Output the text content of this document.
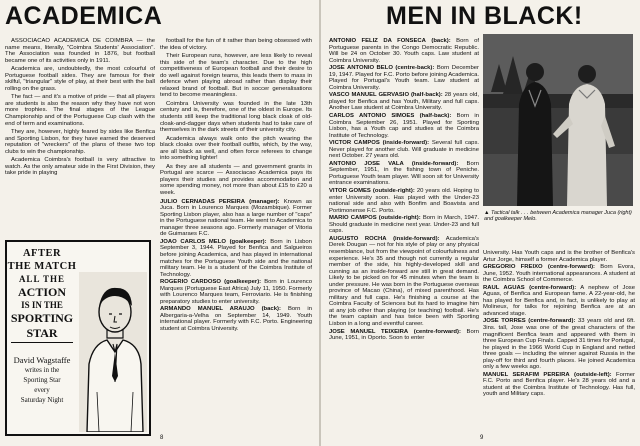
ACADEMICA	MEN IN BLACK!

ASSOCIACAO ACADEMICA DE COIMBRA — the name means, literally, "Coimbra Students' Association". The Association was founded in 1876, but football became one of its activities only in 1911.

Academica are, undoubtedly, the most colourful of Portuguese football sides. They are famous for their skilful, "triangular" style of play, at their best with the ball rolling on the grass.

The fact — and it's a motive of pride — that all players are students is also the reason why they have not won more trophies. The final stages of the League Championship and of the Portuguese Cup clash with the end of term and examinations.

They are, however, highly feared by sides like Benfica and Sporting Lisbon, for they have earned the deserved reputation of "wreckers" of the plans of these two top clubs to win the championship.

Academica Coimbra's football is very attractive to watch. As the only amateur side in the First Division, they take pride in playing

AFTER
THE MATCH
ALL THE
ACTION
IS IN THE
SPORTING
STAR
David Wagstaffe
writes in the
Sporting Star
every
Saturday Night

football for the fun of it rather than being obsessed with the idea of victory.

Their European runs, however, are less likely to reveal this side of the team's character. Due to the high competitiveness of European football and their desire to do well against foreign teams, this leads them to mass in defence when playing abroad rather than display their relaxed brand of football. But in soccer generalisations tend to become meaningless.

Coimbra University was founded in the late 13th century and is, therefore, one of the oldest in Europe. Its students still keep the traditional long black cloak of old-cloak-and-dagger days when students had to take care of themselves in the dark streets of their university city.

Academica always walk onto the pitch wearing the black cloaks over their football outfits, which, by the way, are all black as well, and often force referees to change into something lighter!

As they are all students — and government grants in Portugal are scarce — Associacao Academica pays its players their studies and provides accommodation and some spending money, not more than about £15 to £20 a week.

JULIO CERNADAS PEREIRA (manager): Known as Juca. Born in Lourenco Marques (Mozambique). Former Sporting Lisbon player, also has a large number of "caps" in the Portuguese national team. He went to Academica to manager three seasons ago. Formerly manager of Vitoria de Guimaraes F.C.
JOAO CARLOS MELO (goalkeeper): Born in Lisbon September 3, 1944. Played for Benfica and Salgueiros before joining Academica, and has played in international matches for the Portuguese Youth side and the national military team. He is a student of the Coimbra Institute of Technology.
ROGERIO CARDOSO (goalkeeper): Born in Lourenco Marques (Portuguese East Africa) July 11, 1950. Formerly with Lourenco Marques team, Ferroviario. He is finishing preparatory studies to enter university.
ARMANDO MANUEL ARAUJO (back): Born in Albergaria-a-Velha on September 14, 1949. Youth international player. Formerly with F.C. Porto. Engineering student at Coimbra University.
ANTONIO FELIZ DA FONSECA (back): Born of Portuguese parents in the Congo Democratic Republic. Will be 24 on October 30. Youth caps. Law student at Coimbra University.
JOSE ANTONIO BELO (centre-back): Born December 19, 1947. Played for F.C. Porto before joining Academica. Played for Portugal's Youth team. Law student at Coimbra University.
VASCO MANUEL GERVASIO (half-back): 28 years old, played for Benfica and has Youth, Military and full caps. Another Law student at Coimbra University.
CARLOS ANTONIO SIMOES (half-back): Born in Coimbra September 26, 1951. Played for Sporting Lisbon, has a Youth cap and studies at the Coimbra Institute of Technology.
VICTOR CAMPOS (inside-forward): Several full caps. Never played for another club. Will graduate in medicine next October. 27 years old.
ANTONIO JOSE VALA (inside-forward): Born September, 1951, in the fishing town of Peniche. Portuguese Youth team player. Will soon sit for University entrance examinations.
VITOR GOMES (outside-right): 20 years old. Hoping to enter University soon. Has played with the Under-23 national side and also with Bonfim and Boavista and Portimonense F.C. Porto.
MARIO CAMPOS (outside-right): Born in March, 1947. Should graduate in medicine next year. Under-23 and full caps.
AUGUSTO ROCHA (inside-forward): Academica's Derek Dougan — not for his style of play or any physical resemblance, but from the viewpoint of colourfulness and experience. He's 35 and though not currently a regular member of the side, his highly-developed skill and cunning as an inside-forward are still in great demand. Likely to be picked on for 45 minutes when the team is under pressure. He was born in the Portuguese overseas province of Macao (China), of mixed parenthood. Has military and full caps. He's finishing a course at the Coimbra Faculty of Sciences but its hard to imagine him at any job other than playing (or teaching) football. He's the team captain and has twice been with Sporting Lisbon in a long and eventful career.
JOSE MANUEL TEIXEIRA (centre-forward): Born June, 1951, in Oporto. Soon to enter
▲ Tactical talk . . . between Academica manager Juca (right) and goalkeeper Melo.
University. Has Youth caps and is the brother of Benfica's Artur Jorge, himself a former Academica player.
GREGORIO FREIXO (centre-forward): Born Evora, June, 1952. Youth international appearances. A student at the Coimbra School of Commerce.
RAUL AGUAS (centre-forward): A nephew of Jose Aguas, of Benfica and European fame. A 22-year-old, he has played for Benfica and, in fact, is unlikely to play at Molineux, for talks for rejoining Benfica are at an advanced stage.
JOSE TORRES (centre-forward): 33 years old and 6ft. 3ins. tall, Jose was one of the great characters of the magnificent Benfica team and appeared with them in three European Cup Finals. Capped 31 times for Portugal, he played in the 1966 World Cup in England and netted three goals — including the winner against Russia in the play-off for third and fourth places. He joined Academica only a few weeks ago.
MANUEL SERAFIM PEREIRA (outside-left): Former F.C. Porto and Benfica player. He's 28 years old and a student at the Coimbra Institute of Technology. Has full, youth and Military caps.
8	9
